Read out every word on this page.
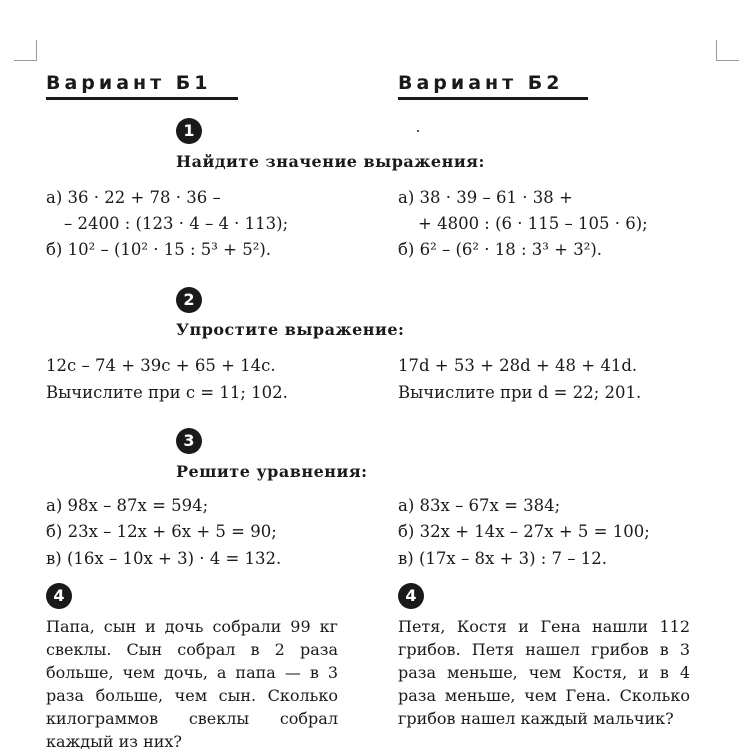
Вариант Б1	Вариант Б2
1
Найдите значение выражения:
а) 36 · 22 + 78 · 36 –
– 2400 : (123 · 4 – 4 · 113);
б) 10² – (10² · 15 : 5³ + 5²).
а) 38 · 39 – 61 · 38 +
+ 4800 : (6 · 115 – 105 · 6);
б) 6² – (6² · 18 : 3³ + 3²).
2
Упростите выражение:
12c – 74 + 39c + 65 + 14c.
Вычислите при c = 11; 102.
17d + 53 + 28d + 48 + 41d.
Вычислите при d = 22; 201.
3
Решите уравнения:
а) 98x – 87x = 594;
б) 23x – 12x + 6x + 5 = 90;
в) (16x – 10x + 3) · 4 = 132.
а) 83x – 67x = 384;
б) 32x + 14x – 27x + 5 = 100;
в) (17x – 8x + 3) : 7 – 12.
4	4
Папа, сын и дочь собрали 99 кг свеклы. Сын собрал в 2 раза больше, чем дочь, а папа — в 3 раза больше, чем сын. Сколько килограммов свеклы собрал каждый из них?
Петя, Костя и Гена нашли 112 грибов. Петя нашел грибов в 3 раза меньше, чем Костя, и в 4 раза меньше, чем Гена. Сколько грибов нашел каждый мальчик?
